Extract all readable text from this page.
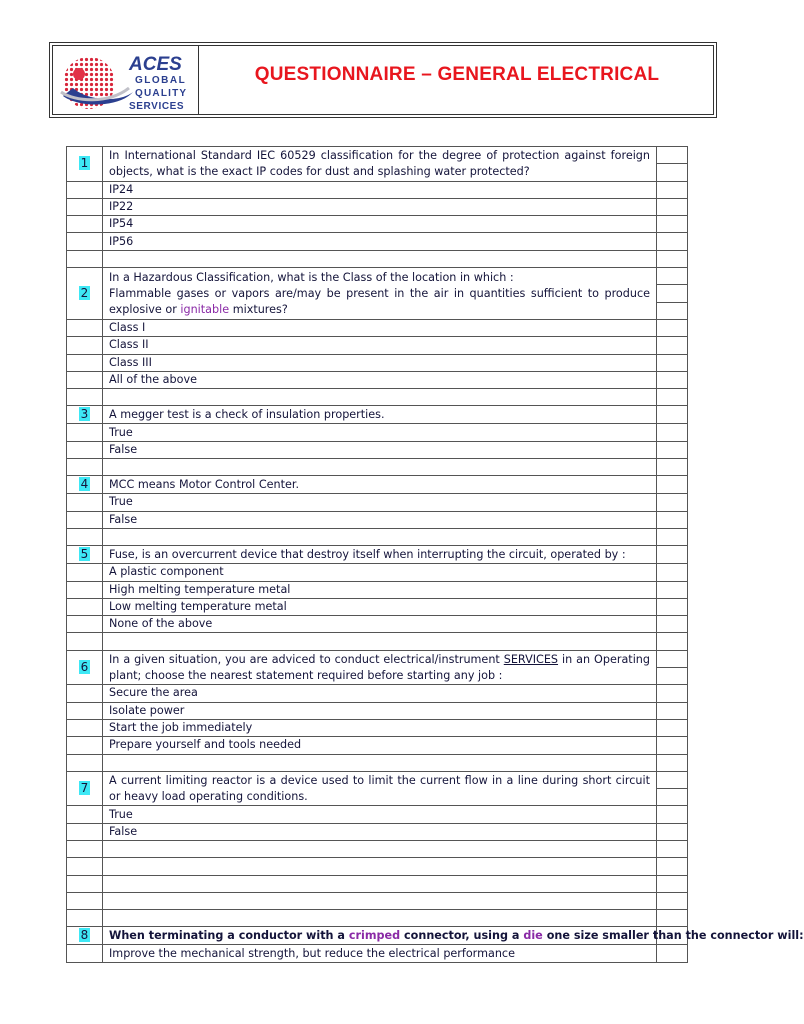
ACES
GLOBAL
QUALITY
SERVICES
QUESTIONNAIRE – GENERAL ELECTRICAL
1	In International Standard IEC 60529 classification for the degree of protection against foreign objects, what is the exact IP codes for dust and splashing water protected?	

	IP24	
	IP22	
	IP54	
	IP56	

2	In a Hazardous Classification, what is the Class of the location in which :
Flammable gases or vapors are/may be present in the air in quantities sufficient to produce explosive or ignitable mixtures?	

	Class I	
	Class II	
	Class III	
	All of the above	

3	A megger test is a check of insulation properties.	
	True	
	False	

4	MCC means Motor Control Center.	
	True	
	False	

5	Fuse, is an overcurrent device that destroy itself when interrupting the circuit, operated by :	
	A plastic component	
	High melting temperature metal	
	Low melting temperature metal	
	None of the above	

6	In a given situation, you are adviced to conduct electrical/instrument SERVICES in an Operating plant; choose the nearest statement required before starting any job :	

	Secure the area	
	Isolate power	
	Start the job immediately	
	Prepare yourself and tools needed	

7	A current limiting reactor is a device used to limit the current flow in a line during short circuit or heavy load operating conditions.	

	True	
	False	

8	When terminating a conductor with a crimped connector, using a die one size smaller than the connector will:	
	Improve the mechanical strength, but reduce the electrical performance	
